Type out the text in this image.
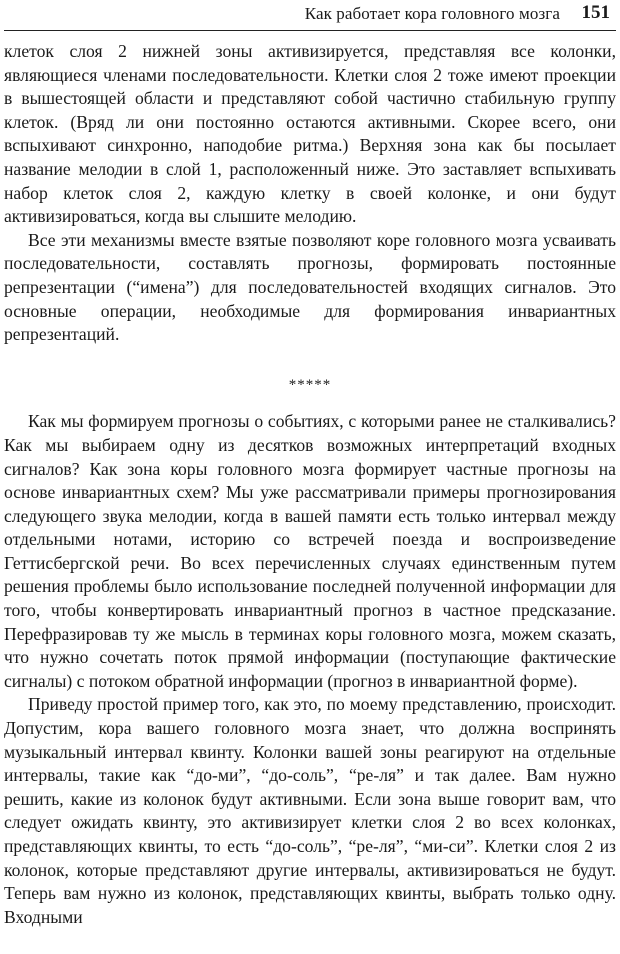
Как работает кора головного мозга 151

клеток слоя 2 нижней зоны активизируется, представляя все колонки, являющиеся членами последовательности. Клетки слоя 2 тоже имеют проекции в вышестоящей области и представляют собой частично стабильную группу клеток. (Вряд ли они постоянно остаются активными. Скорее всего, они вспыхивают синхронно, наподобие ритма.) Верхняя зона как бы посылает название мелодии в слой 1, расположенный ниже. Это заставляет вспыхивать набор клеток слоя 2, каждую клетку в своей колонке, и они будут активизироваться, когда вы слышите мелодию.

Все эти механизмы вместе взятые позволяют коре головного мозга усваивать последовательности, составлять прогнозы, формировать постоянные репрезентации (“имена”) для последовательностей входящих сигналов. Это основные операции, необходимые для формирования инвариантных репрезентаций.

*****

Как мы формируем прогнозы о событиях, с которыми ранее не сталкивались? Как мы выбираем одну из десятков возможных интерпретаций входных сигналов? Как зона коры головного мозга формирует частные прогнозы на основе инвариантных схем? Мы уже рассматривали примеры прогнозирования следующего звука мелодии, когда в вашей памяти есть только интервал между отдельными нотами, историю со встречей поезда и воспроизведение Геттисбергской речи. Во всех перечисленных случаях единственным путем решения проблемы было использование последней полученной информации для того, чтобы конвертировать инвариантный прогноз в частное предсказание. Перефразировав ту же мысль в терминах коры головного мозга, можем сказать, что нужно сочетать поток прямой информации (поступающие фактические сигналы) с потоком обратной информации (прогноз в инвариантной форме).

Приведу простой пример того, как это, по моему представлению, происходит. Допустим, кора вашего головного мозга знает, что должна воспринять музыкальный интервал квинту. Колонки вашей зоны реагируют на отдельные интервалы, такие как “до-ми”, “до-соль”, “ре-ля” и так далее. Вам нужно решить, какие из колонок будут активными. Если зона выше говорит вам, что следует ожидать квинту, это активизирует клетки слоя 2 во всех колонках, представляющих квинты, то есть “до-соль”, “ре-ля”, “ми-си”. Клетки слоя 2 из колонок, которые представляют другие интервалы, активизироваться не будут. Теперь вам нужно из колонок, представляющих квинты, выбрать только одну. Входными
